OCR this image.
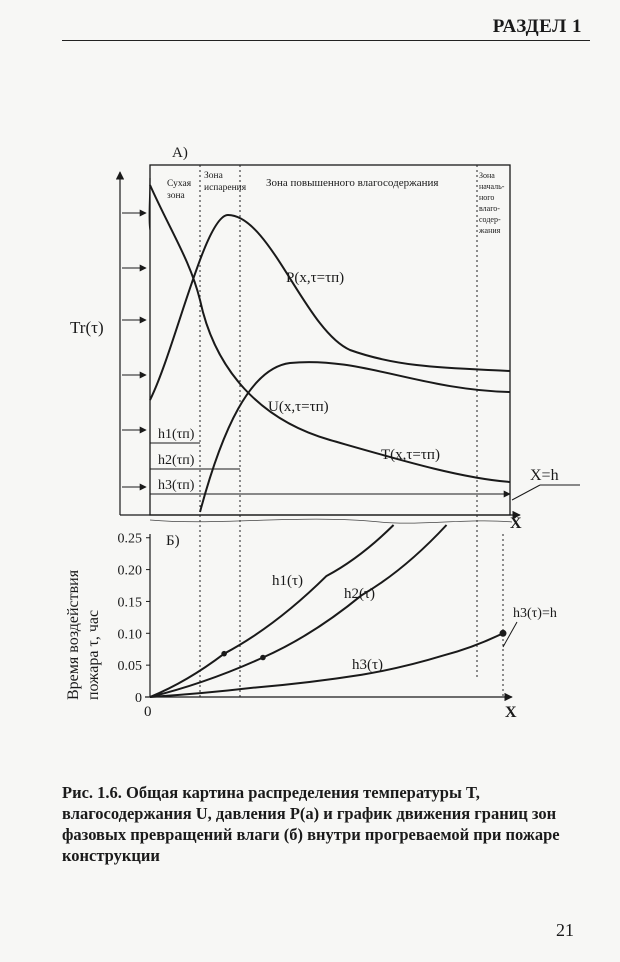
РАЗДЕЛ 1
А)
Сухая зона
Зона испарения Зона повышенного влагосодержания
Зона началь-ного влаго-содер-жания
Tr(τ)
P(x,τ=τп)
U(x,τ=τп)
T(x,τ=τп)
h1(τп)
h2(τп)
h3(τп)
X
X=h
Б)
0
0.05
0.10
0.15
0.20
0.25
0	X
Время воздействия пожара τ, час
h1(τ)
h2(τ)
h3(τ)
h3(τ)=h
Рис. 1.6. Общая картина распределения температуры T, влагосодержания U, давления P(a) и график движения границ зон фазовых превращений влаги (б) внутри прогреваемой при пожаре конструкции
21
